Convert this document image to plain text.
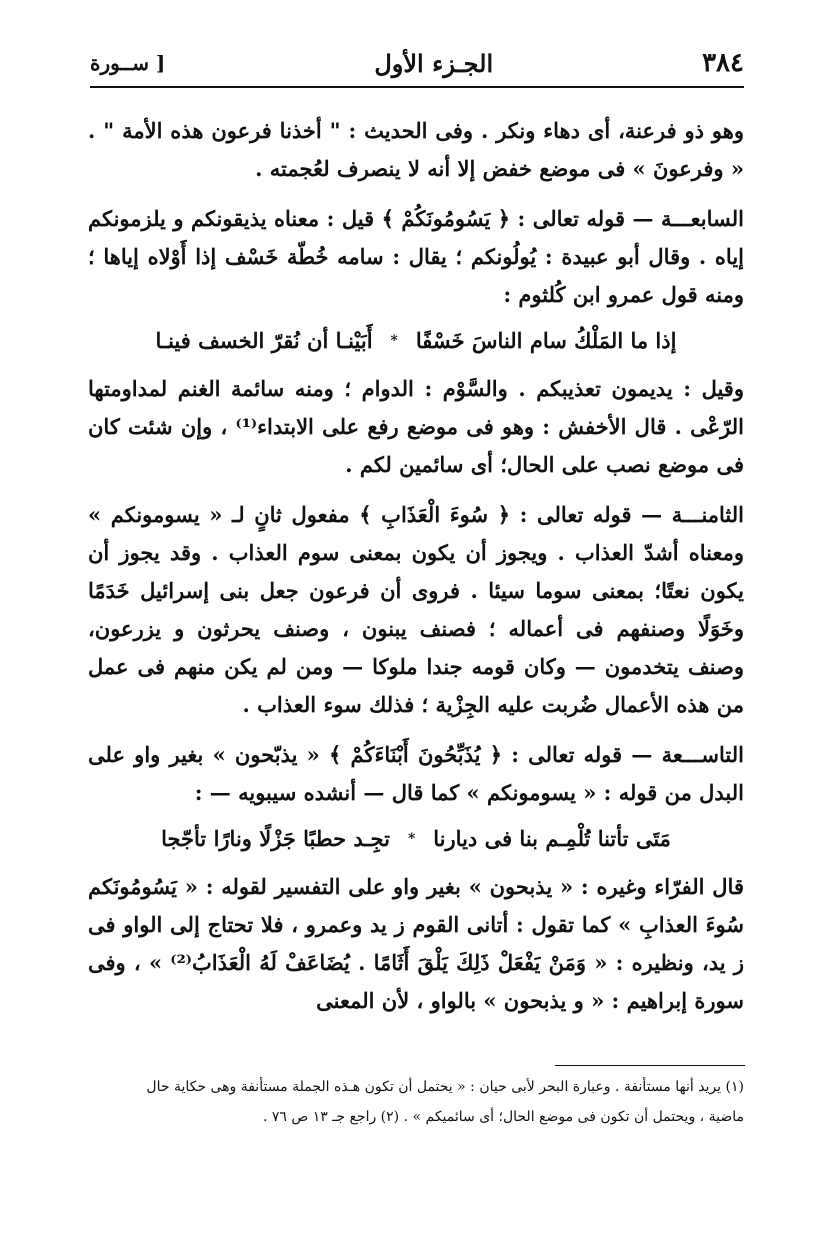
٣٨٤
الجـزء الأول
[ ســورة

وهو ذو فرعنة، أى دهاء ونكر . وفى الحديث : " أخذنا فرعون هذه الأمة " . « وفرعونَ » فى موضع خفض إلا أنه لا ينصرف لعُجمته .

السابعـــة — قوله تعالى : ﴿ يَسُومُونَكُمْ ﴾ قيل : معناه يذيقونكم و يلزمونكم إياه . وقال أبو عبيدة : يُولُونكم ؛ يقال : سامه خُطّة خَسْف إذا أَوْلاه إياها ؛ ومنه قول عمرو ابن كُلثوم :

إذا ما المَلْكُ سام الناسَ خَسْفًا
*
أَبَيْنـا أن نُقرّ الخسف فينـا

وقيل : يديمون تعذيبكم . والسَّوْم : الدوام ؛ ومنه سائمة الغنم لمداومتها الرّعْى . قال الأخفش : وهو فى موضع رفع على الابتداء⁽¹⁾ ، وإن شئت كان فى موضع نصب على الحال؛ أى سائمين لكم .

الثامنـــة — قوله تعالى : ﴿ سُوءَ الْعَذَابِ ﴾ مفعول ثانٍ لـ « يسومونكم » ومعناه أشدّ العذاب . ويجوز أن يكون بمعنى سوم العذاب . وقد يجوز أن يكون نعتًا؛ بمعنى سوما سيئا . فروى أن فرعون جعل بنى إسرائيل خَدَمًا وخَوَلًا وصنفهم فى أعماله ؛ فصنف يبنون ، وصنف يحرثون و يزرعون، وصنف يتخدمون — وكان قومه جندا ملوكا — ومن لم يكن منهم فى عمل من هذه الأعمال ضُربت عليه الجِزْية ؛ فذلك سوء العذاب .

التاســـعة — قوله تعالى : ﴿ يُذَبِّحُونَ أَبْنَاءَكُمْ ﴾ « يذبّحون » بغير واو على البدل من قوله : « يسومونكم » كما قال — أنشده سيبويه — :

مَتَى تأتنا تُلْمِـم بنا فى ديارنا
*
تجِـد حطبًا جَزْلًا ونارًا تأجّجا

قال الفرّاء وغيره : « يذبحون » بغير واو على التفسير لقوله : « يَسُومُونَكم سُوءَ العذابِ » كما تقول : أتانى القوم ز يد وعمرو ، فلا تحتاج إلى الواو فى ز يد، ونظيره : « وَمَنْ يَفْعَلْ ذَلِكَ يَلْقَ أَثَامًا . يُضَاعَفْ لَهُ الْعَذَابُ⁽²⁾ » ، وفى سورة إبراهيم : « و يذبحون » بالواو ، لأن المعنى

(١) يريد أنها مستأنفة . وعبارة البحر لأبى حيان : « يحتمل أن تكون هـذه الجملة مستأنفة وهى حكاية حال

ماضية ، ويحتمل أن تكون فى موضع الحال؛ أى سائميكم » . (٢) راجع جـ ١٣ ص ٧٦ .
